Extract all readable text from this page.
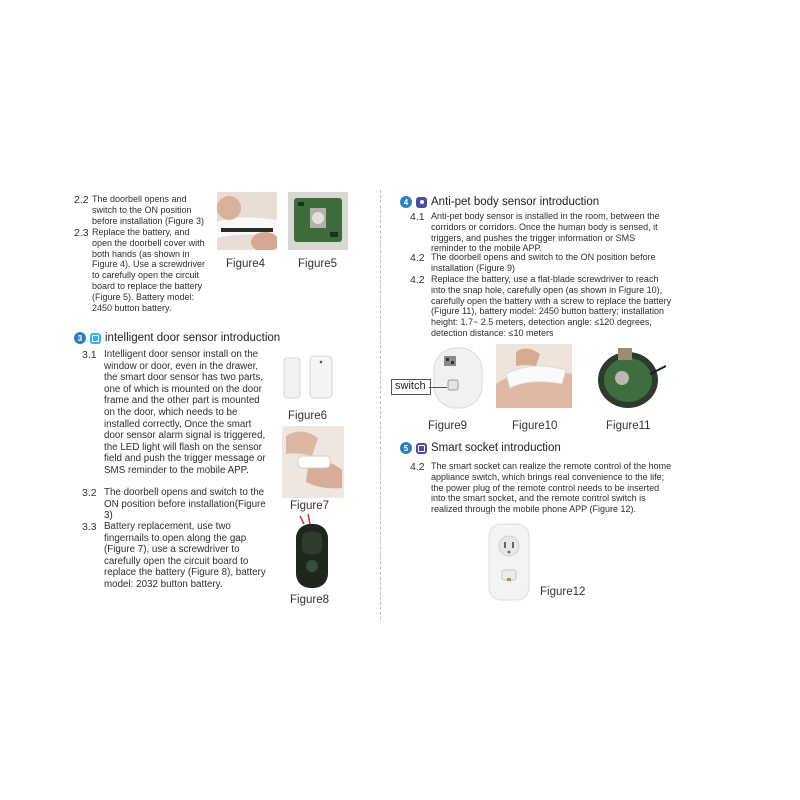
2.2 The doorbell opens and switch to the ON position before installation (Figure 3)
2.3 Replace the battery, and open the doorbell cover with both hands (as shown in Figure 4). Use a screwdriver to carefully open the circuit board to replace the battery (Figure 5). Battery model: 2450 button battery.
Figure4	Figure5
3	intelligent door sensor introduction
3.1 Intelligent door sensor install on the window or door, even in the drawer, the smart door sensor has two parts, one of which is mounted on the door frame and the other part is mounted on the door, which needs to be installed correctly, Once the smart door sensor alarm signal is triggered, the LED light will flash on the sensor field and push the trigger message or SMS reminder to the mobile APP.
3.2 The doorbell opens and switch to the ON position before installation(Figure 3)
3.3 Battery replacement, use two fingernails to open along the gap (Figure 7), use a screwdriver to carefully open the circuit board to replace the battery (Figure 8), battery model: 2032 button battery.
Figure6
Figure7
Figure8
4	Anti-pet body sensor introduction
4.1 Anti-pet body sensor is installed in the room, between the corridors or corridors. Once the human body is sensed, it triggers, and pushes the trigger information or SMS reminder to the mobile APP.
4.2 The doorbell opens and switch to the ON position before installation (Figure 9)
4.2 Replace the battery, use a flat-blade screwdriver to reach into the snap hole, carefully open (as shown in Figure 10), carefully open the battery with a screw to replace the battery (Figure 11), battery model: 2450 button battery; installation height: 1.7~ 2.5 meters, detection angle: ≤120 degrees, detection distance: ≤10 meters
switch
Figure9	Figure10	Figure11
5	Smart socket introduction
4.2 The smart socket can realize the remote control of the home appliance switch, which brings real convenience to the life; the power plug of the remote control needs to be inserted into the smart socket, and the remote control switch is realized through the mobile phone APP (Figure 12).
Figure12
